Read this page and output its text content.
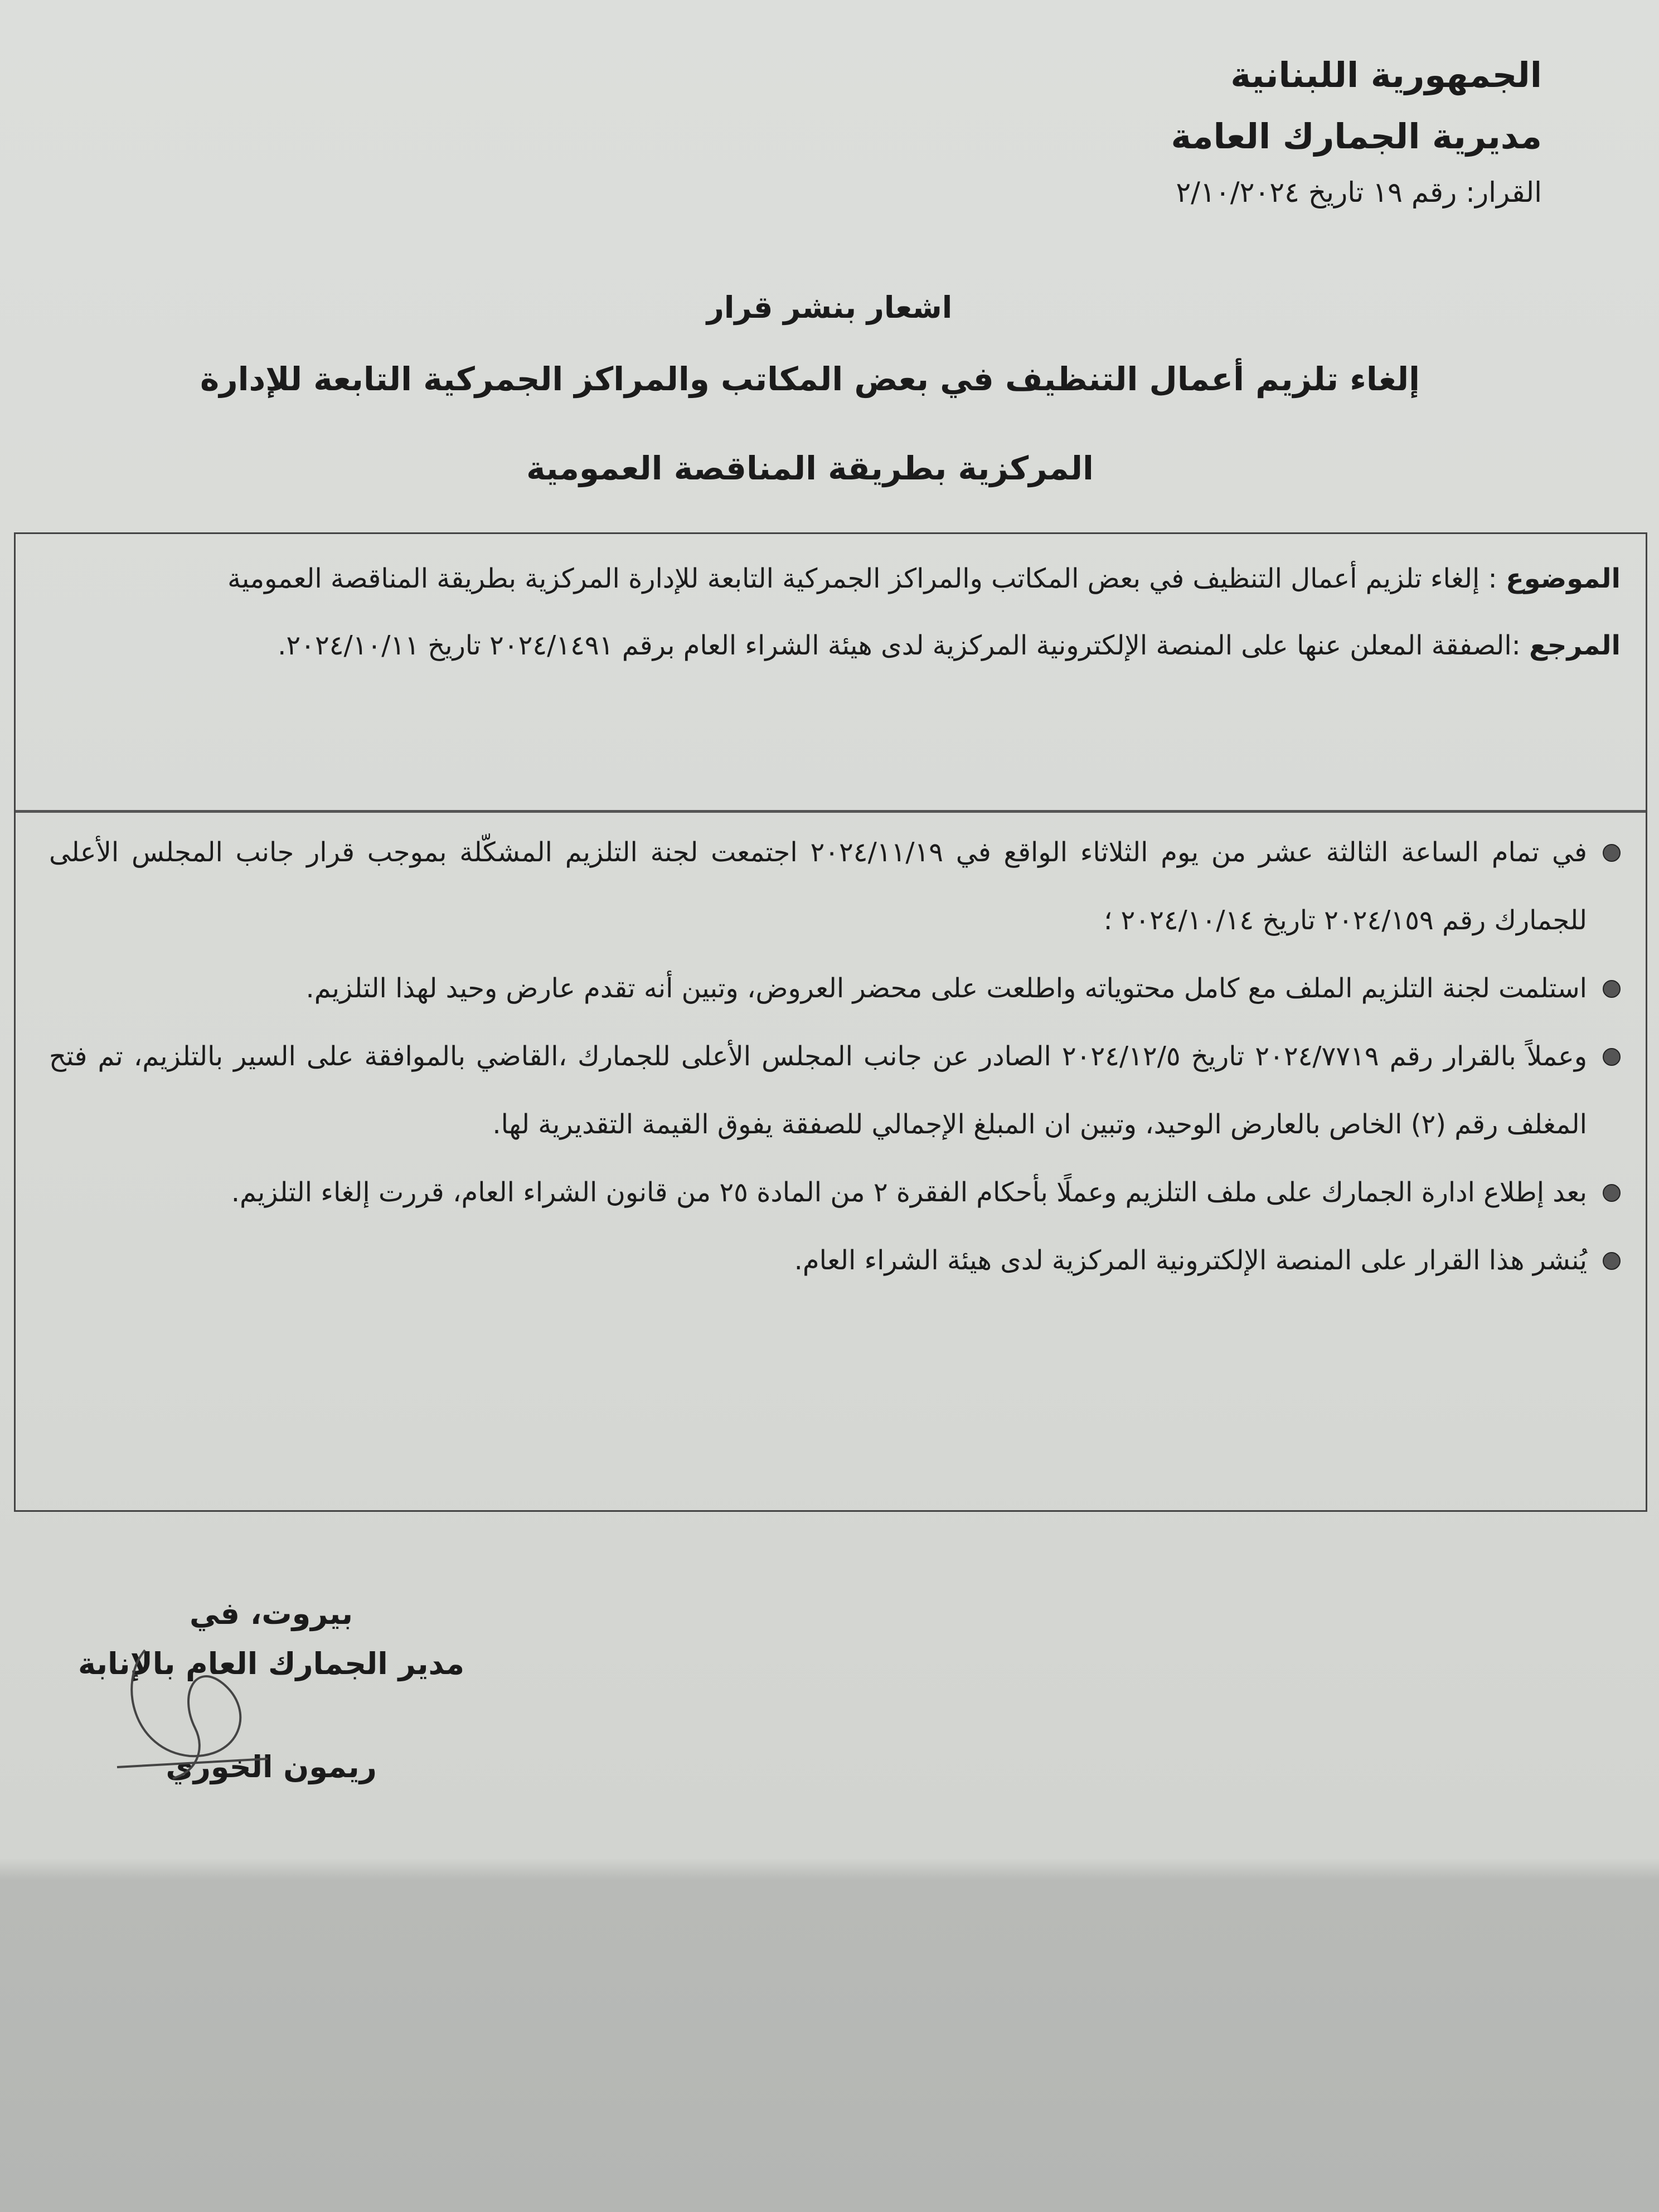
الجمهورية اللبنانية
مديرية الجمارك العامة
القرار: رقم ١٩ تاريخ ٢/١٠/٢٠٢٤
اشعار بنشر قرار
إلغاء تلزيم أعمال التنظيف في بعض المكاتب والمراكز الجمركية التابعة للإدارة المركزية بطريقة المناقصة العمومية
الموضوع : إلغاء تلزيم أعمال التنظيف في بعض المكاتب والمراكز الجمركية التابعة للإدارة المركزية بطريقة المناقصة العمومية
المرجع :الصفقة المعلن عنها على المنصة الإلكترونية المركزية لدى هيئة الشراء العام برقم ٢٠٢٤/١٤٩١ تاريخ ٢٠٢٤/١٠/١١.
في تمام الساعة الثالثة عشر من يوم الثلاثاء الواقع في ٢٠٢٤/١١/١٩ اجتمعت لجنة التلزيم المشكّلة بموجب قرار جانب المجلس الأعلى للجمارك رقم ٢٠٢٤/١٥٩ تاريخ ٢٠٢٤/١٠/١٤ ؛
استلمت لجنة التلزيم الملف مع كامل محتوياته واطلعت على محضر العروض، وتبين أنه تقدم عارض وحيد لهذا التلزيم.
وعملاً بالقرار رقم ٢٠٢٤/٧٧١٩ تاريخ ٢٠٢٤/١٢/٥ الصادر عن جانب المجلس الأعلى للجمارك ،القاضي بالموافقة على السير بالتلزيم، تم فتح المغلف رقم (٢) الخاص بالعارض الوحيد، وتبين ان المبلغ الإجمالي للصفقة يفوق القيمة التقديرية لها.
بعد إطلاع ادارة الجمارك على ملف التلزيم وعملًا بأحكام الفقرة ٢ من المادة ٢٥ من قانون الشراء العام، قررت إلغاء التلزيم.
يُنشر هذا القرار على المنصة الإلكترونية المركزية لدى هيئة الشراء العام.
بيروت، في
مدير الجمارك العام بالإنابة
ريمون الخوري
